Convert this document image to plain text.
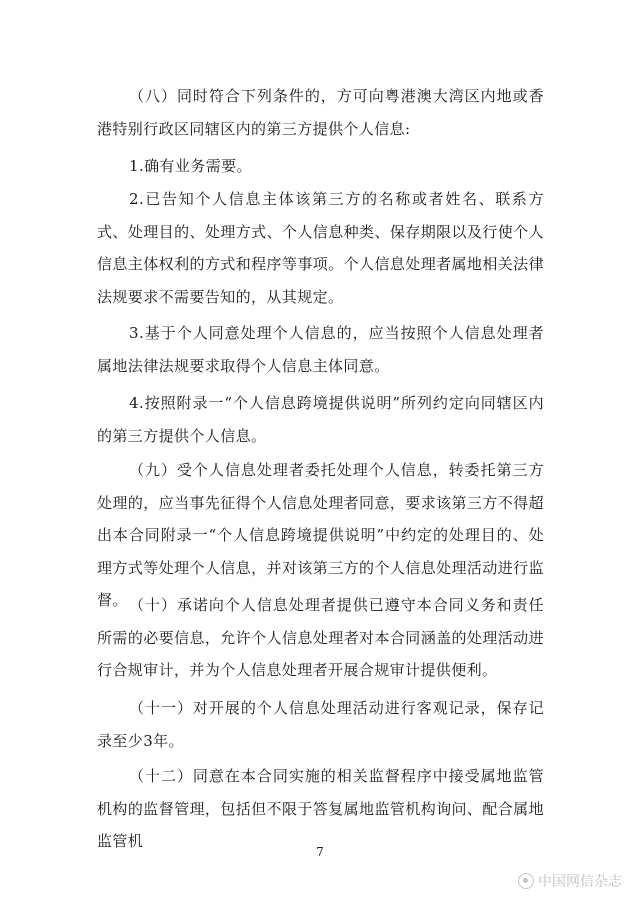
（八）同时符合下列条件的，方可向粤港澳大湾区内地或香港特别行政区同辖区内的第三方提供个人信息:

1.确有业务需要。

2.已告知个人信息主体该第三方的名称或者姓名、联系方式、处理目的、处理方式、个人信息种类、保存期限以及行使个人信息主体权利的方式和程序等事项。个人信息处理者属地相关法律法规要求不需要告知的，从其规定。

3.基于个人同意处理个人信息的，应当按照个人信息处理者属地法律法规要求取得个人信息主体同意。

4.按照附录一“个人信息跨境提供说明”所列约定向同辖区内的第三方提供个人信息。

（九）受个人信息处理者委托处理个人信息，转委托第三方处理的，应当事先征得个人信息处理者同意，要求该第三方不得超出本合同附录一“个人信息跨境提供说明”中约定的处理目的、处理方式等处理个人信息，并对该第三方的个人信息处理活动进行监督。 （十）承诺向个人信息处理者提供已遵守本合同义务和责任所需的必要信息，允许个人信息处理者对本合同涵盖的处理活动进行合规审计，并为个人信息处理者开展合规审计提供便利。

（十一）对开展的个人信息处理活动进行客观记录，保存记录至少3年。

（十二）同意在本合同实施的相关监督程序中接受属地监管机构的监督管理，包括但不限于答复属地监管机构询问、配合属地监管机

7
中国网信杂志
